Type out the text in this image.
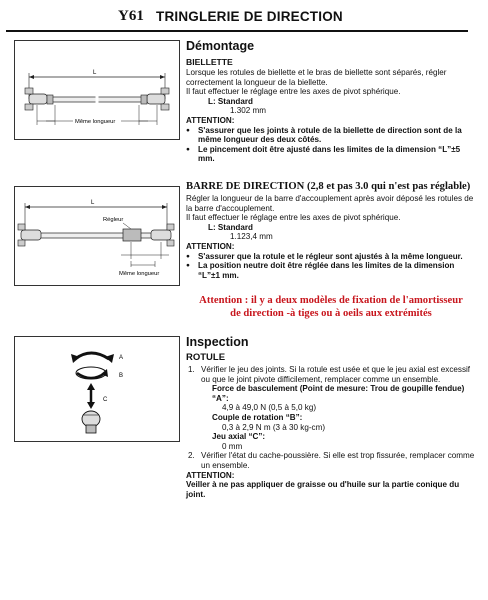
Y61 TRINGLERIE DE DIRECTION
L
Même longueur
L
Régleur
Même longueur
A
B
C
Démontage
BIELLETTE

Lorsque les rotules de biellette et le bras de biellette sont séparés, régler correctement la longueur de la biellette.

Il faut effectuer le réglage entre les axes de pivot sphérique.

L: Standard
1.302 mm
ATTENTION:
● S'assurer que les joints à rotule de la biellette de direction sont de la même longueur des deux côtés.
● Le pincement doit être ajusté dans les limites de la dimension “L”±5 mm.
BARRE DE DIRECTION (2,8 et pas 3.0 qui n'est pas réglable)

Régler la longueur de la barre d'accouplement après avoir déposé les rotules de la barre d'accouplement.

Il faut effectuer le réglage entre les axes de pivot sphérique.

L: Standard
1.123,4 mm
ATTENTION:
● S'assurer que la rotule et le régleur sont ajustés à la même longueur.
● La position neutre doit être réglée dans les limites de la dimension “L”±1 mm.
Attention : il y a deux modèles de fixation de l'amortisseur
de direction -à tiges ou à oeils aux extrémités
Inspection
ROTULE
1. Vérifier le jeu des joints. Si la rotule est usée et que le jeu axial est excessif ou que le joint pivote difficilement, remplacer comme un ensemble.
Force de basculement (Point de mesure: Trou de goupille fendue) “A”:
4,9 à 49,0 N (0,5 à 5,0 kg)
Couple de rotation “B”:
0,3 à 2,9 N m (3 à 30 kg-cm)
Jeu axial “C”:
0 mm
2. Vérifier l'état du cache-poussière. Si elle est trop fissurée, remplacer comme un ensemble.
ATTENTION:
Veiller à ne pas appliquer de graisse ou d'huile sur la partie conique du joint.
